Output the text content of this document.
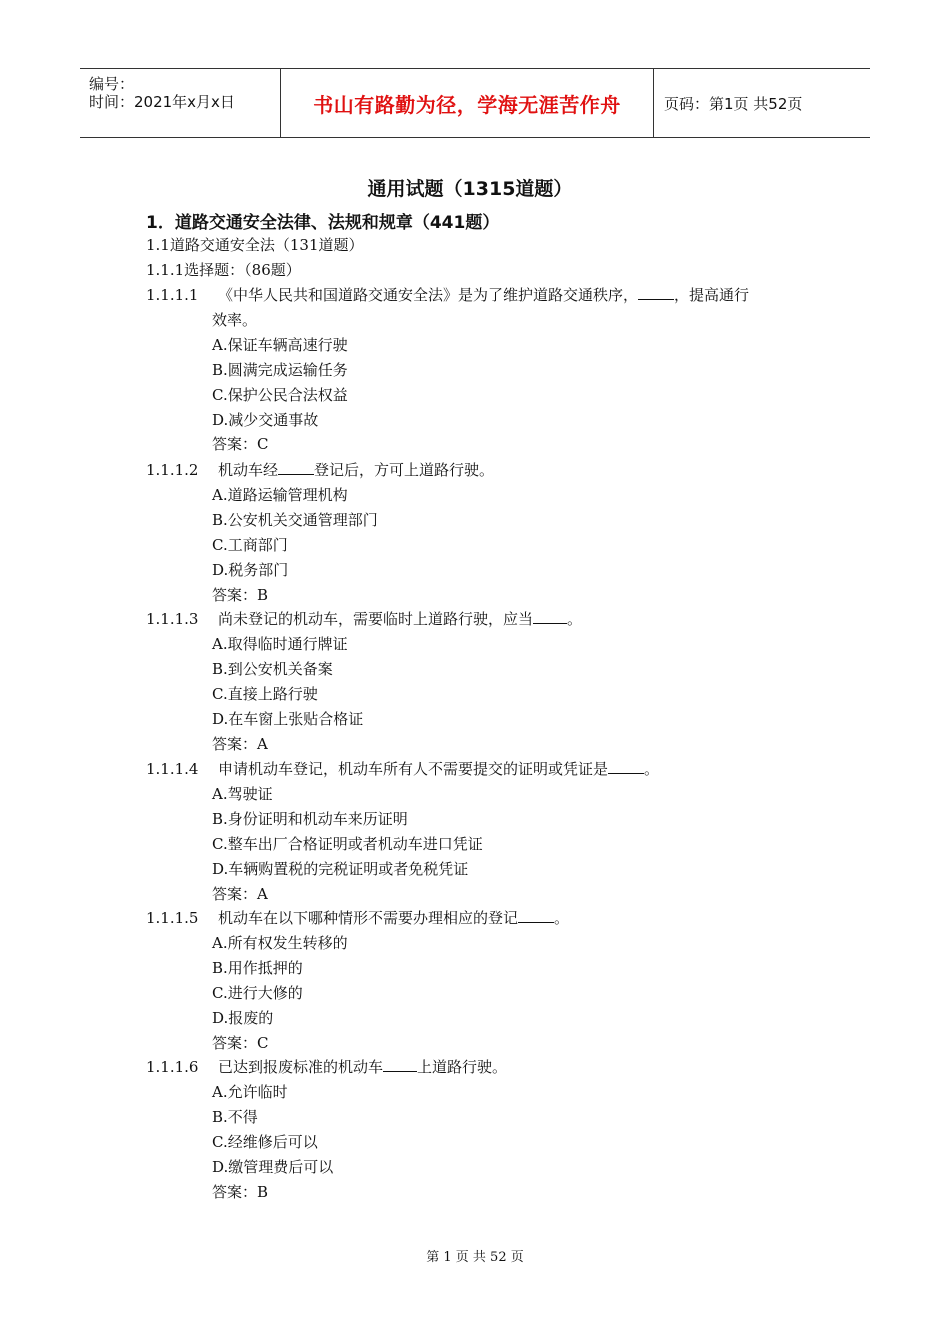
编号：
时间：2021年x月x日	书山有路勤为径，学海无涯苦作舟	页码：第1页 共52页
通用试题（1315道题）
1．道路交通安全法律、法规和规章（441题）
1.1道路交通安全法（131道题）
1.1.1选择题：（86题）
1.1.1.1 《中华人民共和国道路交通安全法》是为了维护道路交通秩序， ，提高通行
效率。
A.保证车辆高速行驶
B.圆满完成运输任务
C.保护公民合法权益
D.减少交通事故
答案：C
1.1.1.2 机动车经 登记后，方可上道路行驶。
A.道路运输管理机构
B.公安机关交通管理部门
C.工商部门
D.税务部门
答案：B
1.1.1.3 尚未登记的机动车，需要临时上道路行驶，应当 。
A.取得临时通行牌证
B.到公安机关备案
C.直接上路行驶
D.在车窗上张贴合格证
答案：A
1.1.1.4 申请机动车登记，机动车所有人不需要提交的证明或凭证是 。
A.驾驶证
B.身份证明和机动车来历证明
C.整车出厂合格证明或者机动车进口凭证
D.车辆购置税的完税证明或者免税凭证
答案：A
1.1.1.5 机动车在以下哪种情形不需要办理相应的登记 。
A.所有权发生转移的
B.用作抵押的
C.进行大修的
D.报废的
答案：C
1.1.1.6 已达到报废标准的机动车 上道路行驶。
A.允许临时
B.不得
C.经维修后可以
D.缴管理费后可以
答案：B
第 1 页 共 52 页
